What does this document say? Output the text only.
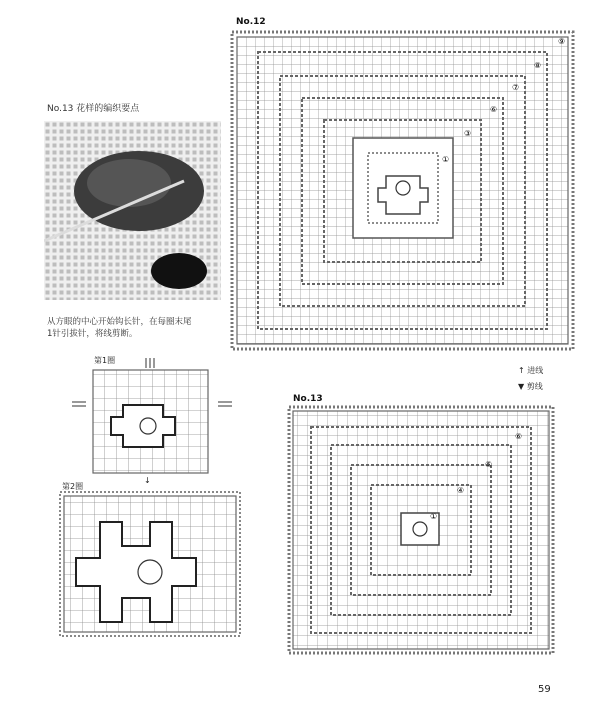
No.12
①
③
⑥
⑦
⑧
⑨
No.13 花样的编织要点
从方眼的中心开始钩长针，在每圈末尾
1针引拔针，将线剪断。
第1圈
↓
第2圈
↑ 进线
▼ 剪线
No.13
①
④
⑤
⑥
59
